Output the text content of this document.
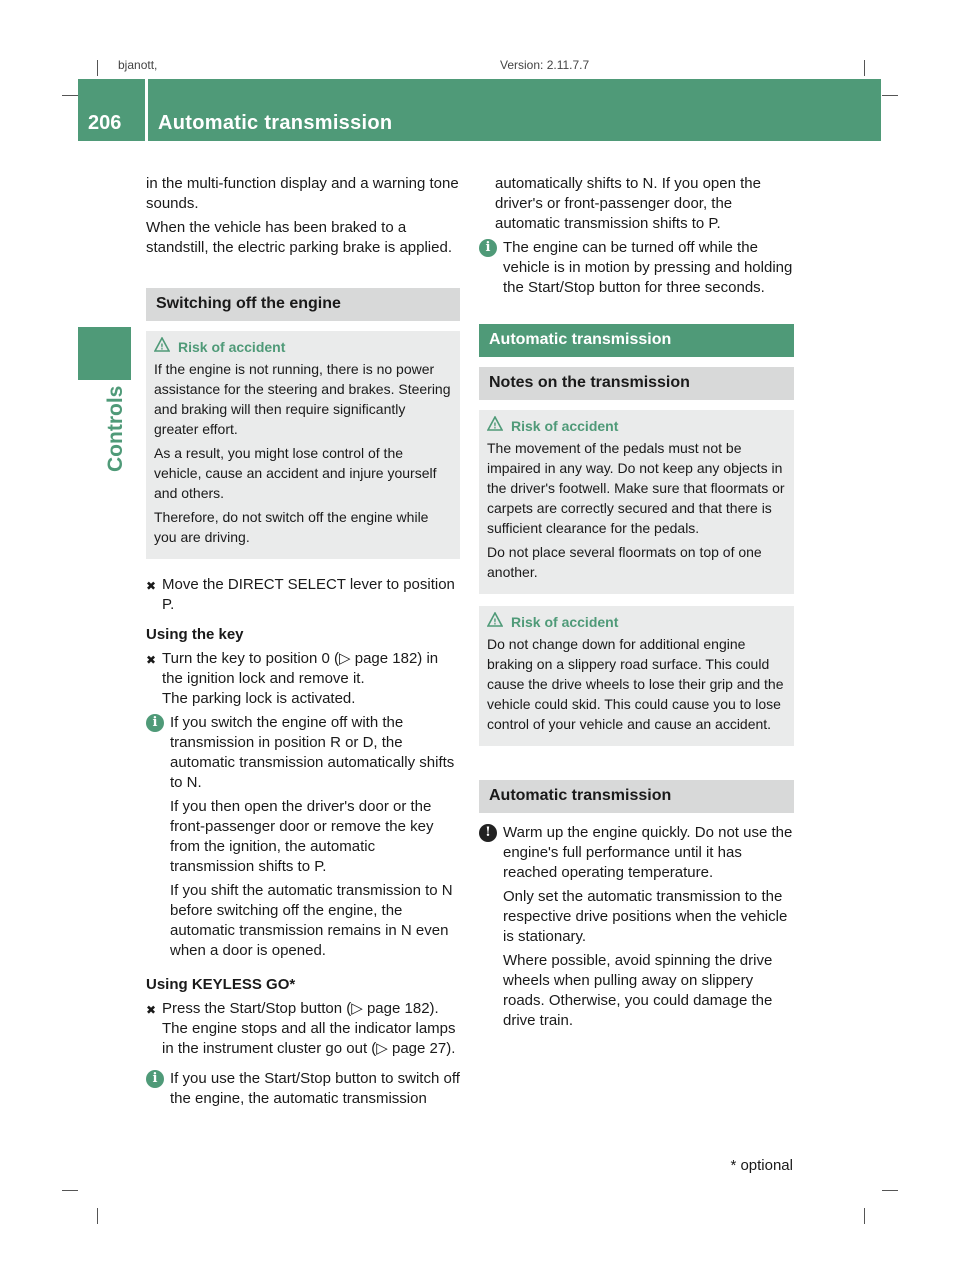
bjanott,	Version: 2.11.7.7
206 Automatic transmission
Controls

in the multi-function display and a warning tone sounds.

When the vehicle has been braked to a standstill, the electric parking brake is applied.

Switching off the engine
! Risk of accident

If the engine is not running, there is no power assistance for the steering and brakes. Steering and braking will then require significantly greater effort.

As a result, you might lose control of the vehicle, cause an accident and injure yourself and others.

Therefore, do not switch off the engine while you are driving.

✖ Move the DIRECT SELECT lever to position P.
Using the key
✖ Turn the key to position 0 (▷ page 182) in the ignition lock and remove it.
The parking lock is activated.
i If you switch the engine off with the transmission in position R or D, the automatic transmission automatically shifts to N.

If you then open the driver's door or the front-passenger door or remove the key from the ignition, the automatic transmission shifts to P.

If you shift the automatic transmission to N before switching off the engine, the automatic transmission remains in N even when a door is opened.

Using KEYLESS GO*
✖ Press the Start/Stop button (▷ page 182).
The engine stops and all the indicator lamps in the instrument cluster go out (▷ page 27).
i If you use the Start/Stop button to switch off the engine, the automatic transmission

automatically shifts to N. If you open the driver's or front-passenger door, the automatic transmission shifts to P.

i The engine can be turned off while the vehicle is in motion by pressing and holding the Start/Stop button for three seconds.
Automatic transmission
Notes on the transmission
! Risk of accident

The movement of the pedals must not be impaired in any way. Do not keep any objects in the driver's footwell. Make sure that floormats or carpets are correctly secured and that there is sufficient clearance for the pedals.

Do not place several floormats on top of one another.

! Risk of accident

Do not change down for additional engine braking on a slippery road surface. This could cause the drive wheels to lose their grip and the vehicle could skid. This could cause you to lose control of your vehicle and cause an accident.

Automatic transmission
! Warm up the engine quickly. Do not use the engine's full performance until it has reached operating temperature.

Only set the automatic transmission to the respective drive positions when the vehicle is stationary.

Where possible, avoid spinning the drive wheels when pulling away on slippery roads. Otherwise, you could damage the drive train.

* optional
